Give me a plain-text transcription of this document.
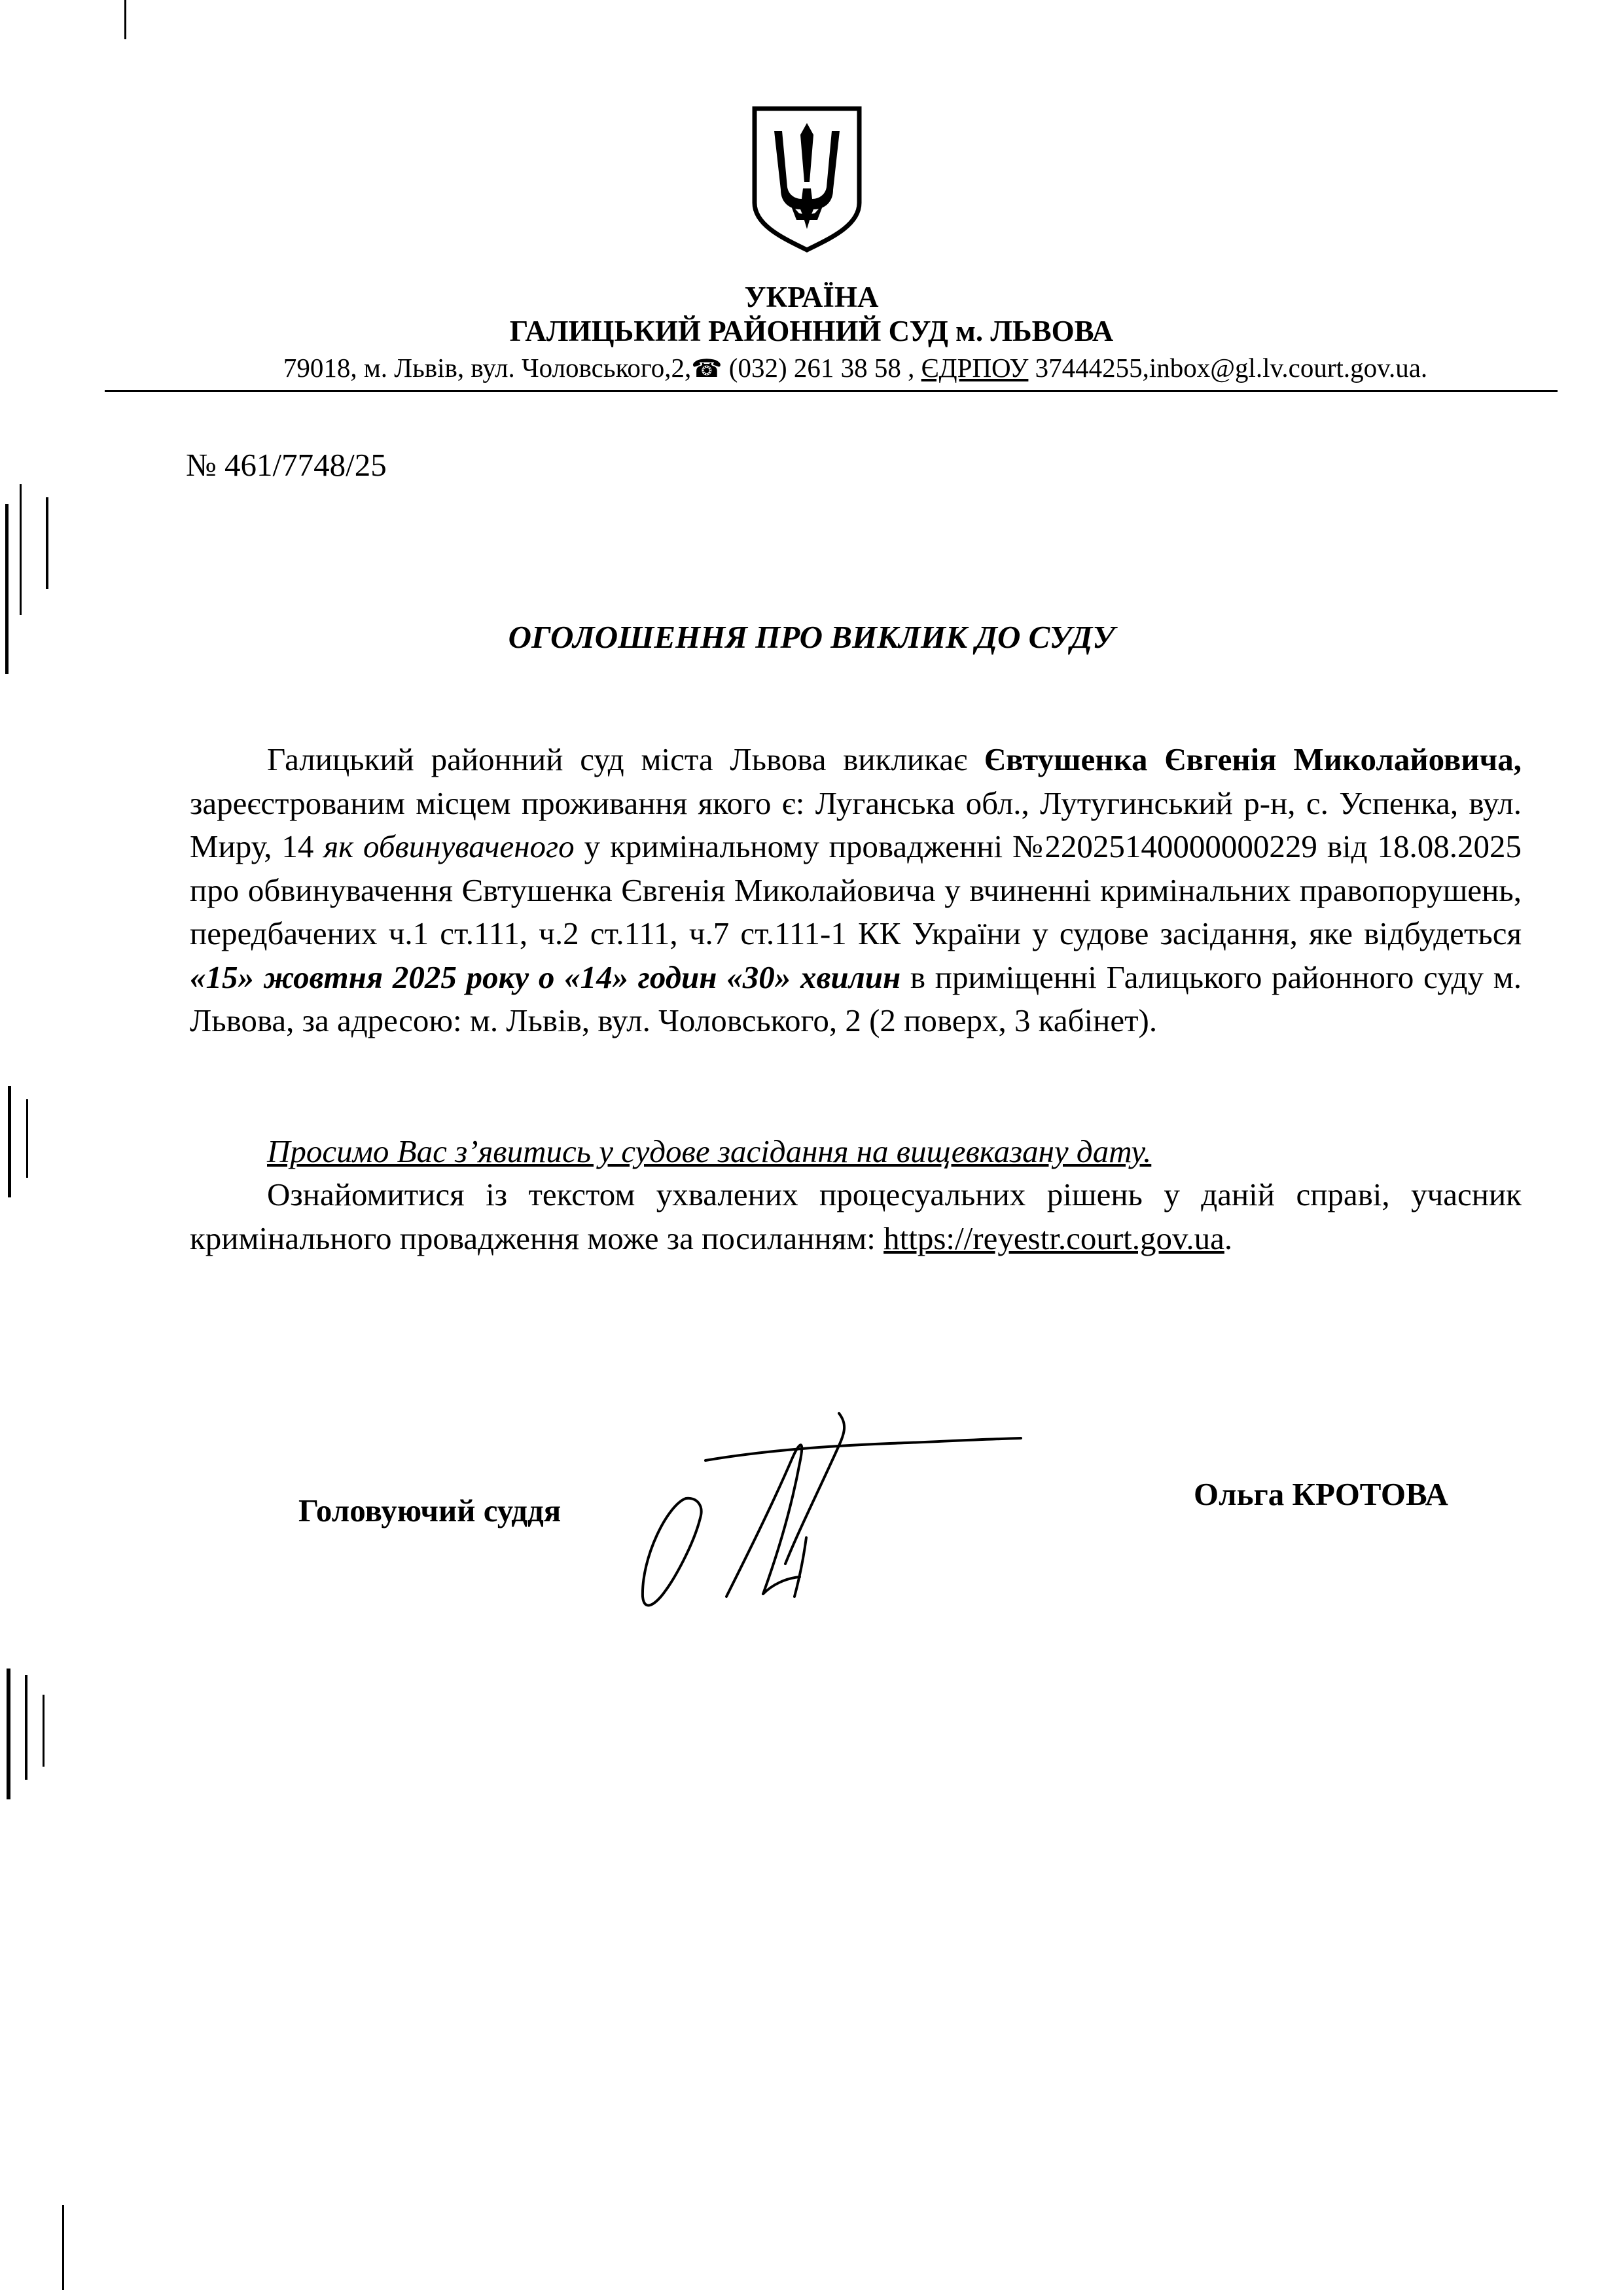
УКРАЇНА
ГАЛИЦЬКИЙ РАЙОННИЙ СУД м. ЛЬВОВА
79018, м. Львів, вул. Чоловського,2,☎ (032) 261 38 58 , ЄДРПОУ 37444255,inbox@gl.lv.court.gov.ua.
№ 461/7748/25
ОГОЛОШЕННЯ ПРО ВИКЛИК ДО СУДУ

Галицький районний суд міста Львова викликає Євтушенка Євгенія Миколайовича, зареєстрованим місцем проживання якого є: Луганська обл., Лутугинський р-н, с. Успенка, вул. Миру, 14 як обвинуваченого у кримінальному провадженні №22025140000000229 від 18.08.2025 про обвинувачення Євтушенка Євгенія Миколайовича у вчиненні кримінальних правопорушень, передбачених ч.1 ст.111, ч.2 ст.111, ч.7 ст.111-1 КК України у судове засідання, яке відбудеться «15» жовтня 2025 року о «14» годин «30» хвилин в приміщенні Галицького районного суду м. Львова, за адресою: м. Львів, вул. Чоловського, 2 (2 поверх, 3 кабінет).

Просимо Вас з’явитись у судове засідання на вищевказану дату.

Ознайомитися із текстом ухвалених процесуальних рішень у даній справі, учасник кримінального провадження може за посиланням: https://reyestr.court.gov.ua.

Головуючий суддя	Ольга КРОТОВА
